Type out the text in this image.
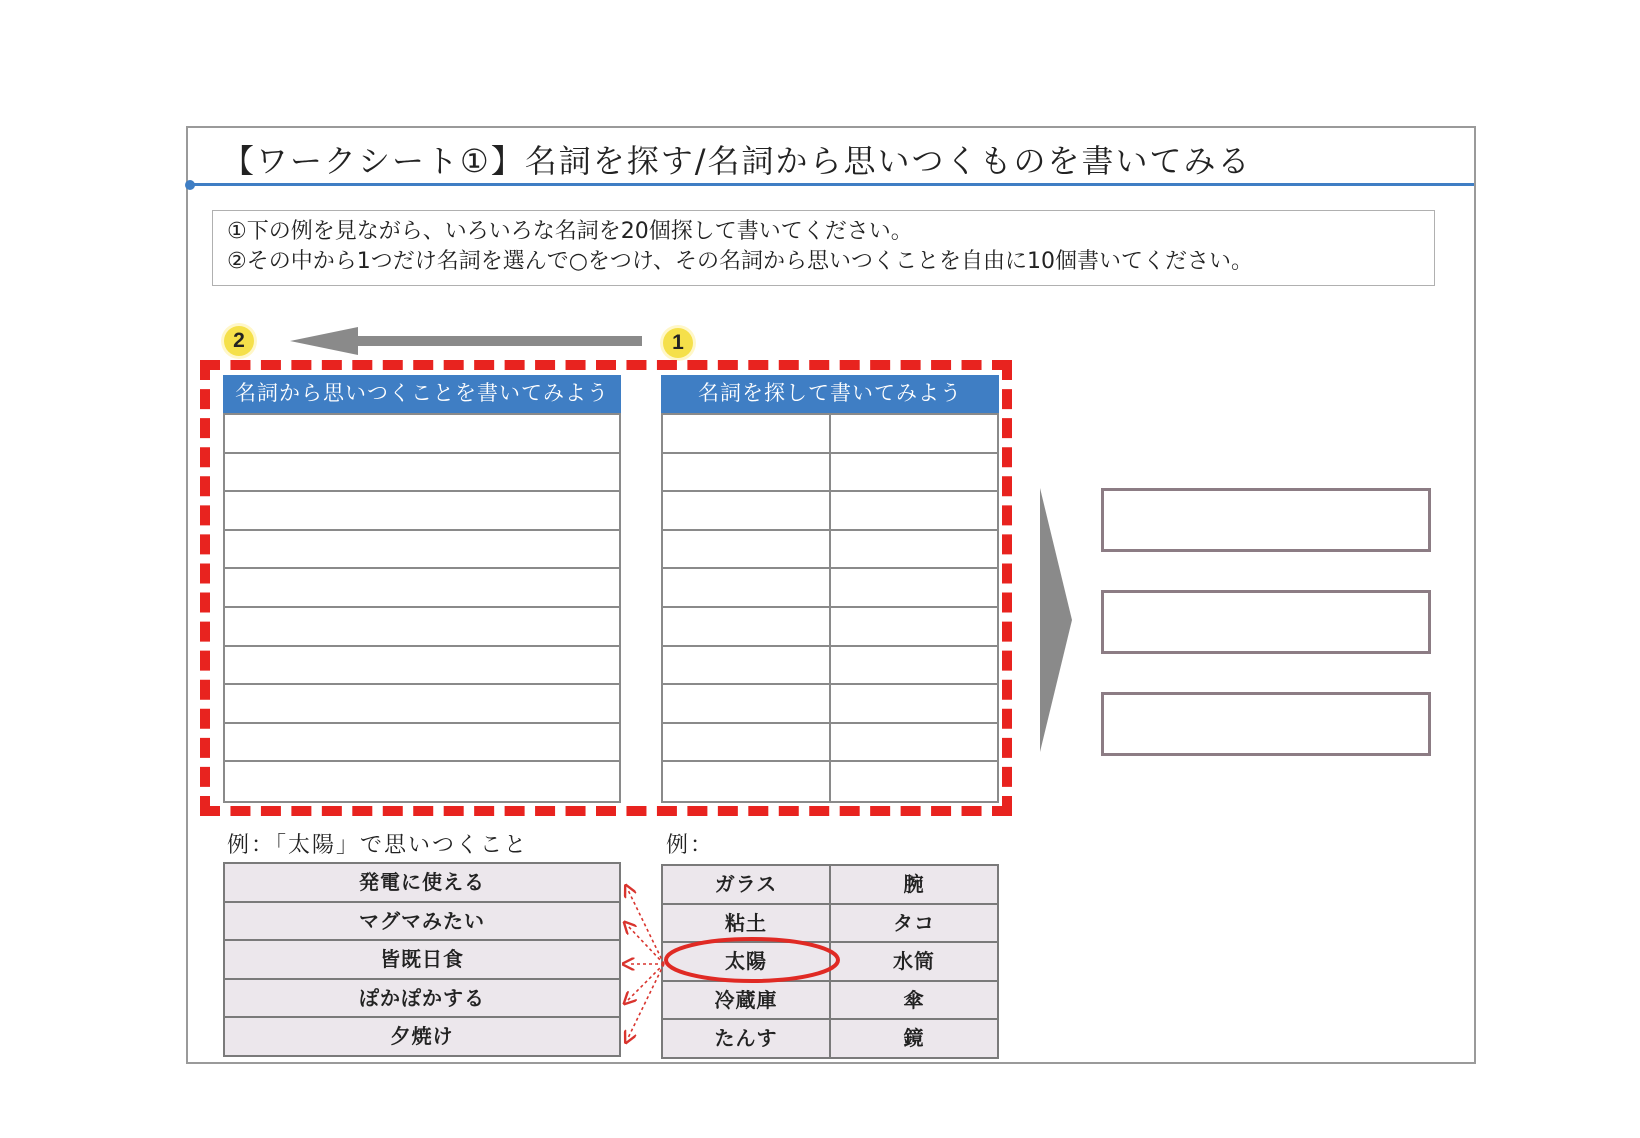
【ワークシート①】名詞を探す/名詞から思いつくものを書いてみる
①下の例を見ながら、いろいろな名詞を20個探して書いてください。
②その中から1つだけ名詞を選んで○をつけ、その名詞から思いつくことを自由に10個書いてください。
2	1
名詞から思いつくことを書いてみよう	名詞を探して書いてみよう
例：「太陽」で思いつくこと
発電に使える
マグマみたい
皆既日食
ぽかぽかする
夕焼け
例：
ガラス	腕
粘土	タコ
太陽	水筒
冷蔵庫	傘
たんす	鏡
